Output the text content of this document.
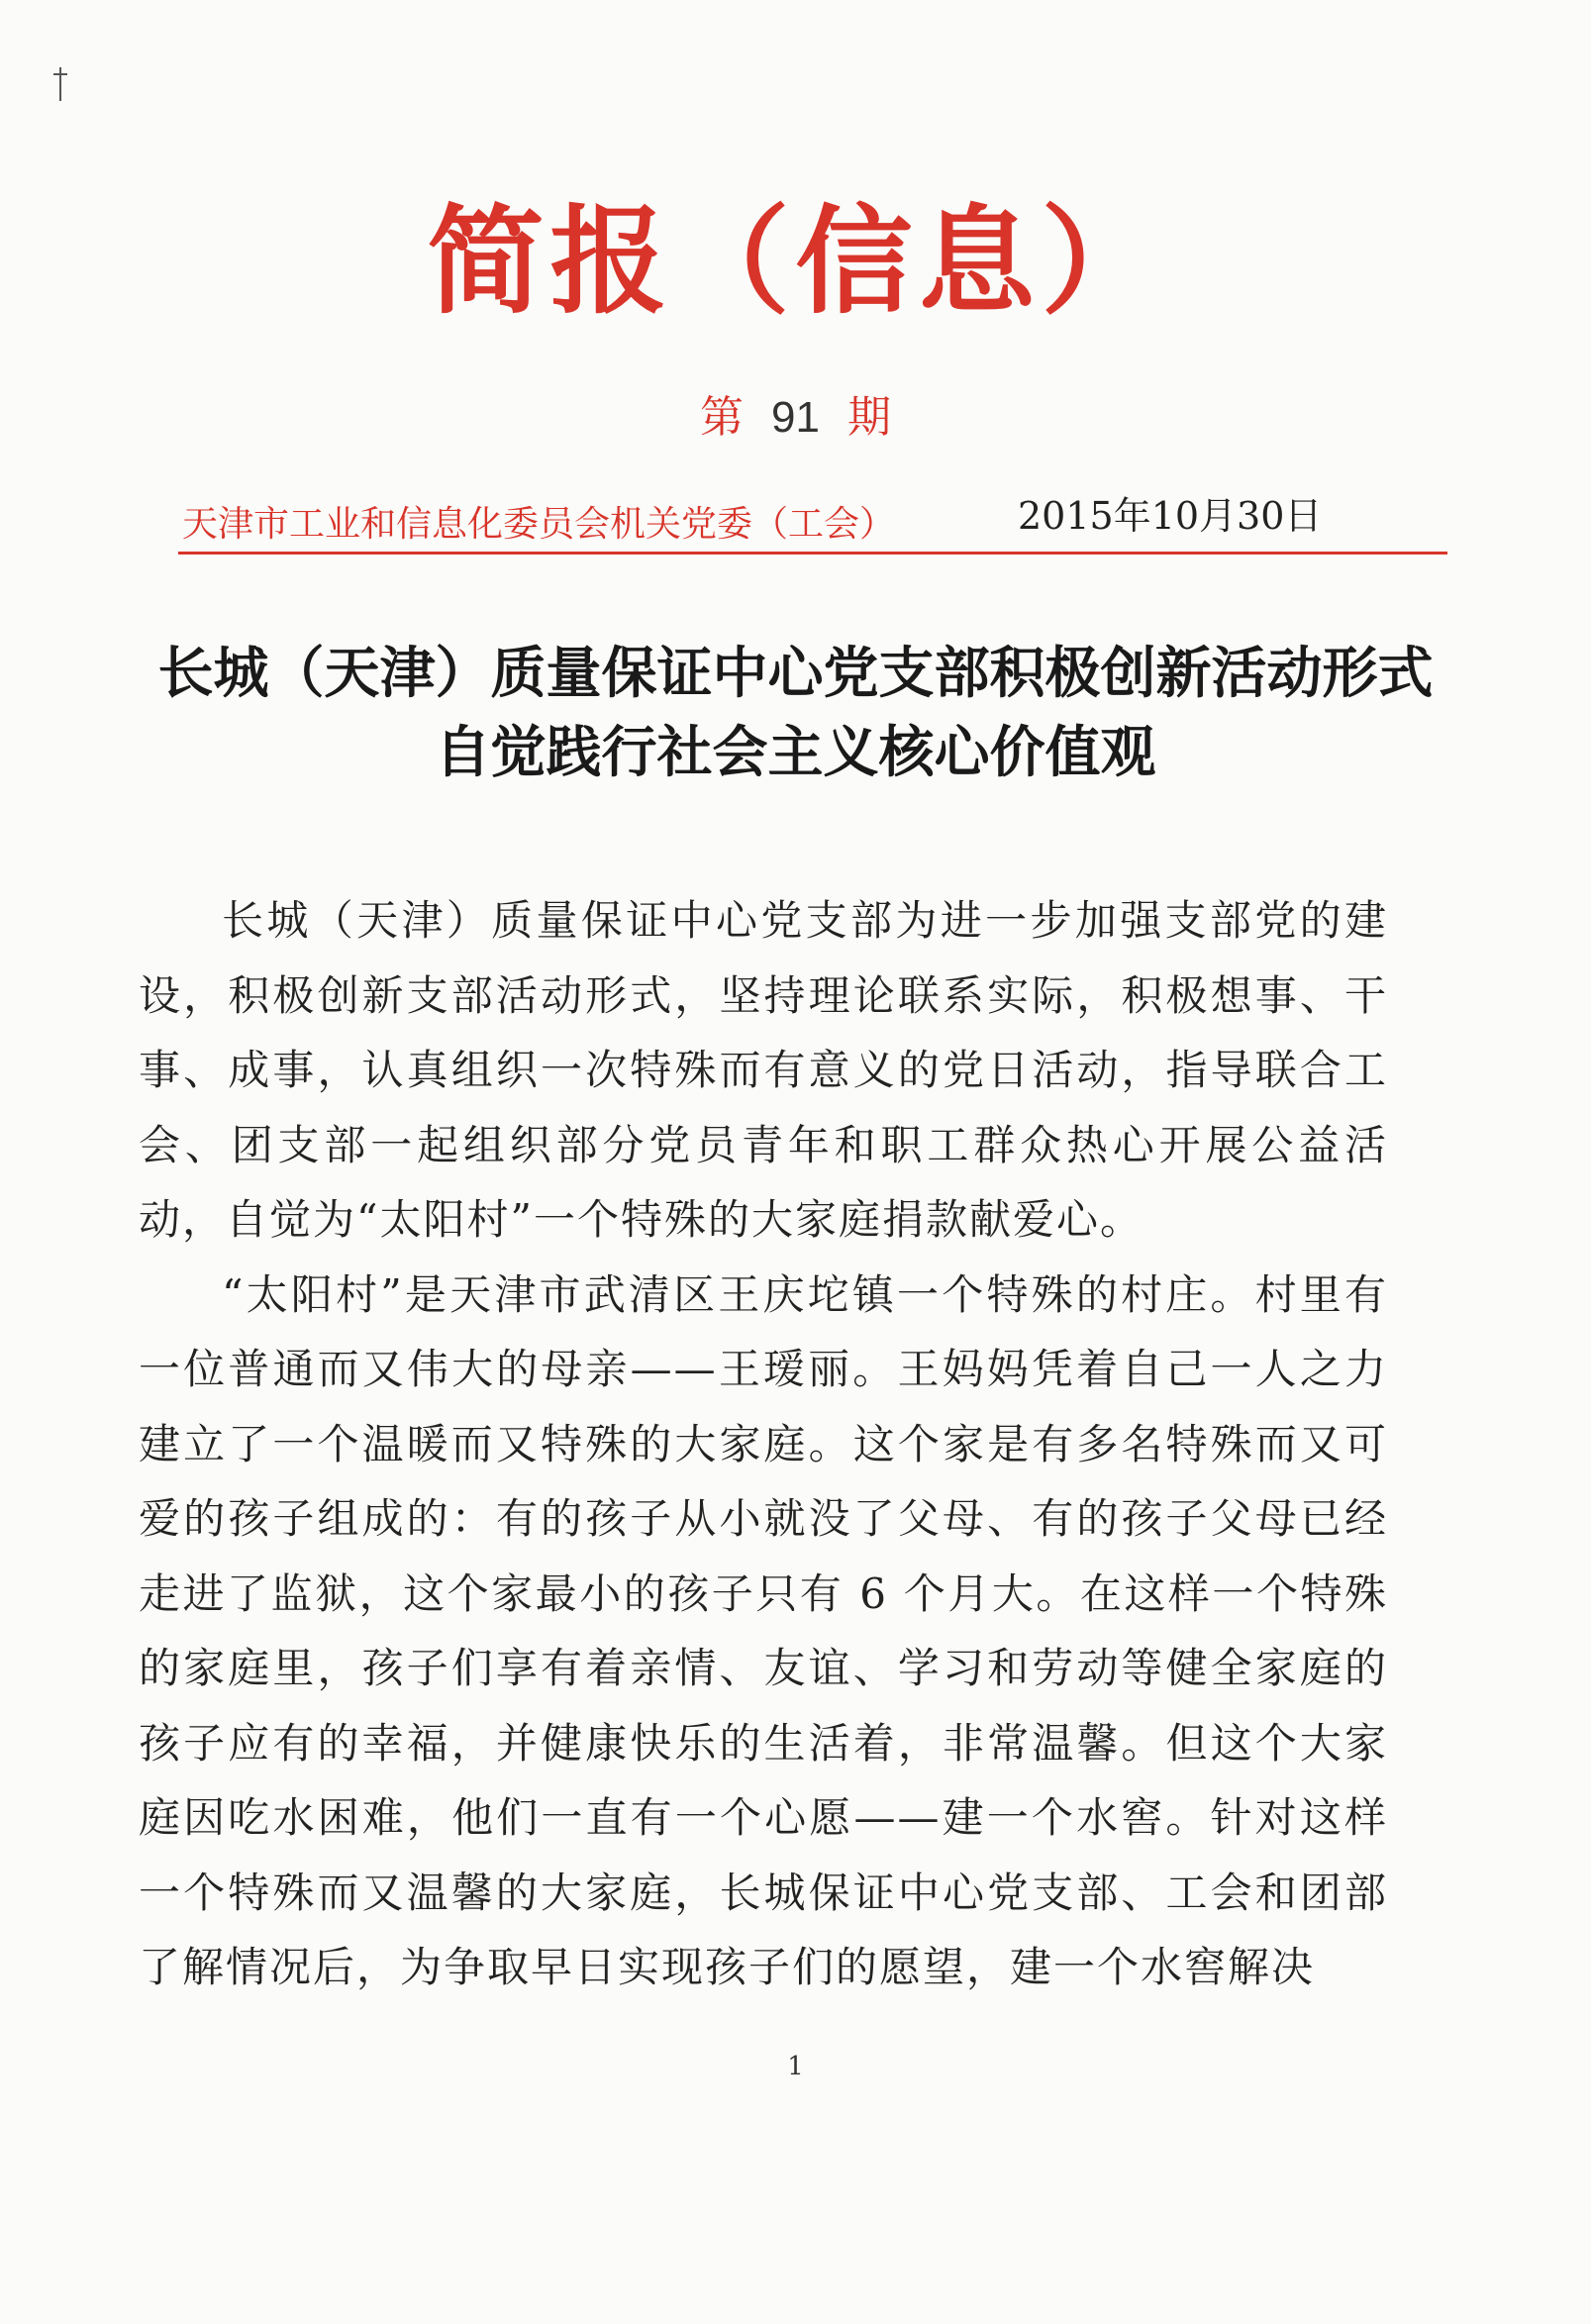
简报（信息）
第 91 期
天津市工业和信息化委员会机关党委（工会）	2015年10月30日
长城（天津）质量保证中心党支部积极创新活动形式
自觉践行社会主义核心价值观

长城（天津）质量保证中心党支部为进一步加强支部党的建设，积极创新支部活动形式，坚持理论联系实际，积极想事、干事、成事，认真组织一次特殊而有意义的党日活动，指导联合工会、团支部一起组织部分党员青年和职工群众热心开展公益活动，自觉为“太阳村”一个特殊的大家庭捐款献爱心。

“太阳村”是天津市武清区王庆坨镇一个特殊的村庄。村里有一位普通而又伟大的母亲——王瑷丽。王妈妈凭着自己一人之力建立了一个温暖而又特殊的大家庭。这个家是有多名特殊而又可爱的孩子组成的：有的孩子从小就没了父母、有的孩子父母已经走进了监狱，这个家最小的孩子只有 6 个月大。在这样一个特殊的家庭里，孩子们享有着亲情、友谊、学习和劳动等健全家庭的孩子应有的幸福，并健康快乐的生活着，非常温馨。但这个大家庭因吃水困难，他们一直有一个心愿——建一个水窖。针对这样一个特殊而又温馨的大家庭，长城保证中心党支部、工会和团部了解情况后，为争取早日实现孩子们的愿望，建一个水窖解决

1
